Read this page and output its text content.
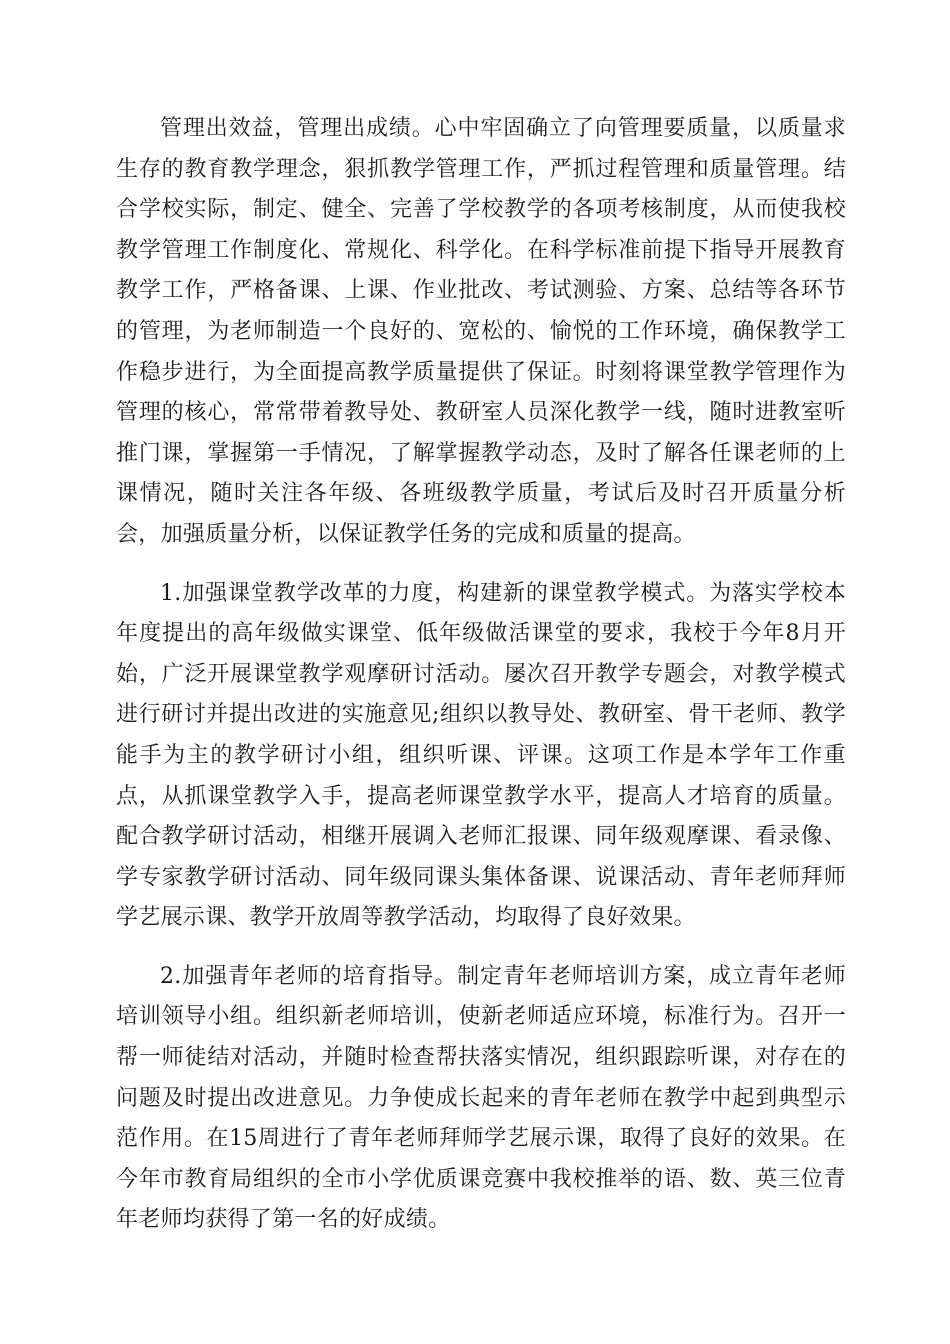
管理出效益，管理出成绩。心中牢固确立了向管理要质量，以质量求生存的教育教学理念，狠抓教学管理工作，严抓过程管理和质量管理。结合学校实际，制定、健全、完善了学校教学的各项考核制度，从而使我校教学管理工作制度化、常规化、科学化。在科学标准前提下指导开展教育教学工作，严格备课、上课、作业批改、考试测验、方案、总结等各环节的管理，为老师制造一个良好的、宽松的、愉悦的工作环境，确保教学工作稳步进行，为全面提高教学质量提供了保证。时刻将课堂教学管理作为管理的核心，常常带着教导处、教研室人员深化教学一线，随时进教室听推门课，掌握第一手情况，了解掌握教学动态，及时了解各任课老师的上课情况，随时关注各年级、各班级教学质量，考试后及时召开质量分析会，加强质量分析，以保证教学任务的完成和质量的提高。

1.加强课堂教学改革的力度，构建新的课堂教学模式。为落实学校本年度提出的高年级做实课堂、低年级做活课堂的要求，我校于今年8月开始，广泛开展课堂教学观摩研讨活动。屡次召开教学专题会，对教学模式进行研讨并提出改进的实施意见;组织以教导处、教研室、骨干老师、教学能手为主的教学研讨小组，组织听课、评课。这项工作是本学年工作重点，从抓课堂教学入手，提高老师课堂教学水平，提高人才培育的质量。配合教学研讨活动，相继开展调入老师汇报课、同年级观摩课、看录像、学专家教学研讨活动、同年级同课头集体备课、说课活动、青年老师拜师学艺展示课、教学开放周等教学活动，均取得了良好效果。

2.加强青年老师的培育指导。制定青年老师培训方案，成立青年老师培训领导小组。组织新老师培训，使新老师适应环境，标准行为。召开一帮一师徒结对活动，并随时检查帮扶落实情况，组织跟踪听课，对存在的问题及时提出改进意见。力争使成长起来的青年老师在教学中起到典型示范作用。在15周进行了青年老师拜师学艺展示课，取得了良好的效果。在今年市教育局组织的全市小学优质课竞赛中我校推举的语、数、英三位青年老师均获得了第一名的好成绩。
